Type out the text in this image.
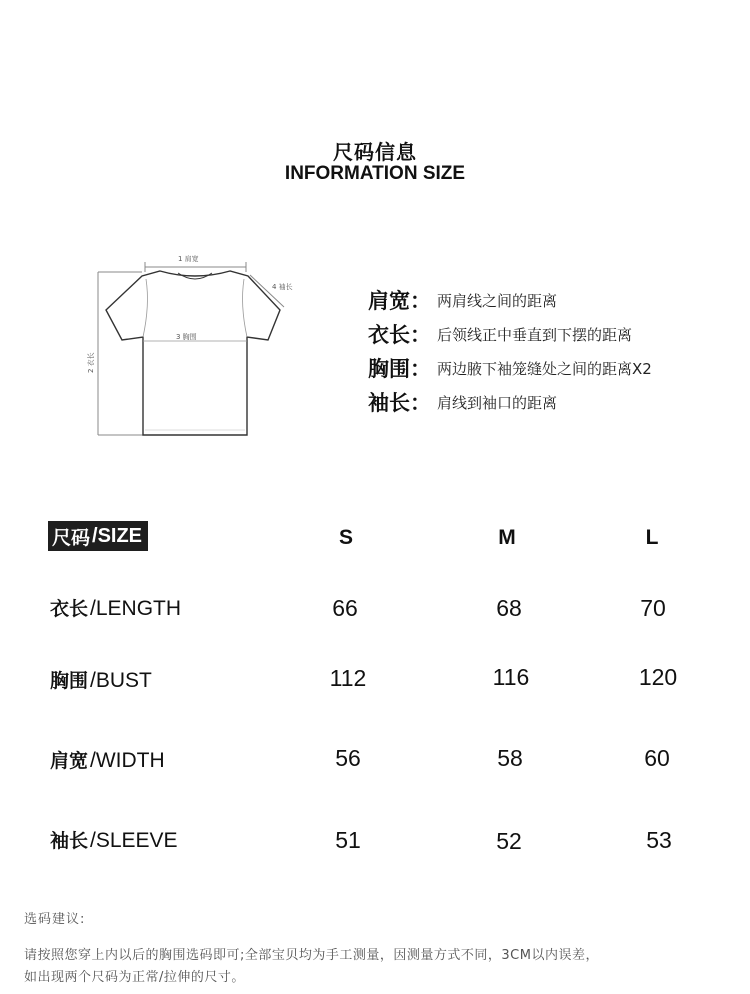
尺码信息
INFORMATION SIZE
1 肩宽
2 衣长
4 袖长
3 胸围
肩宽 ： 两肩线之间的距离
衣长 ： 后领线正中垂直到下摆的距离
胸围 ： 两边腋下袖笼缝处之间的距离X2
袖长 ： 肩线到袖口的距离
尺码 /SIZE	S	M	L
衣长 /LENGTH	66	68	70
胸围 /BUST	112	116	120
肩宽 /WIDTH	56	58	60
袖长 /SLEEVE	51	52	53
选码建议:
请按照您穿上内以后的胸围选码即可;全部宝贝均为手工测量，因测量方式不同，3CM以内误差，
如出现两个尺码为正常/拉伸的尺寸。
